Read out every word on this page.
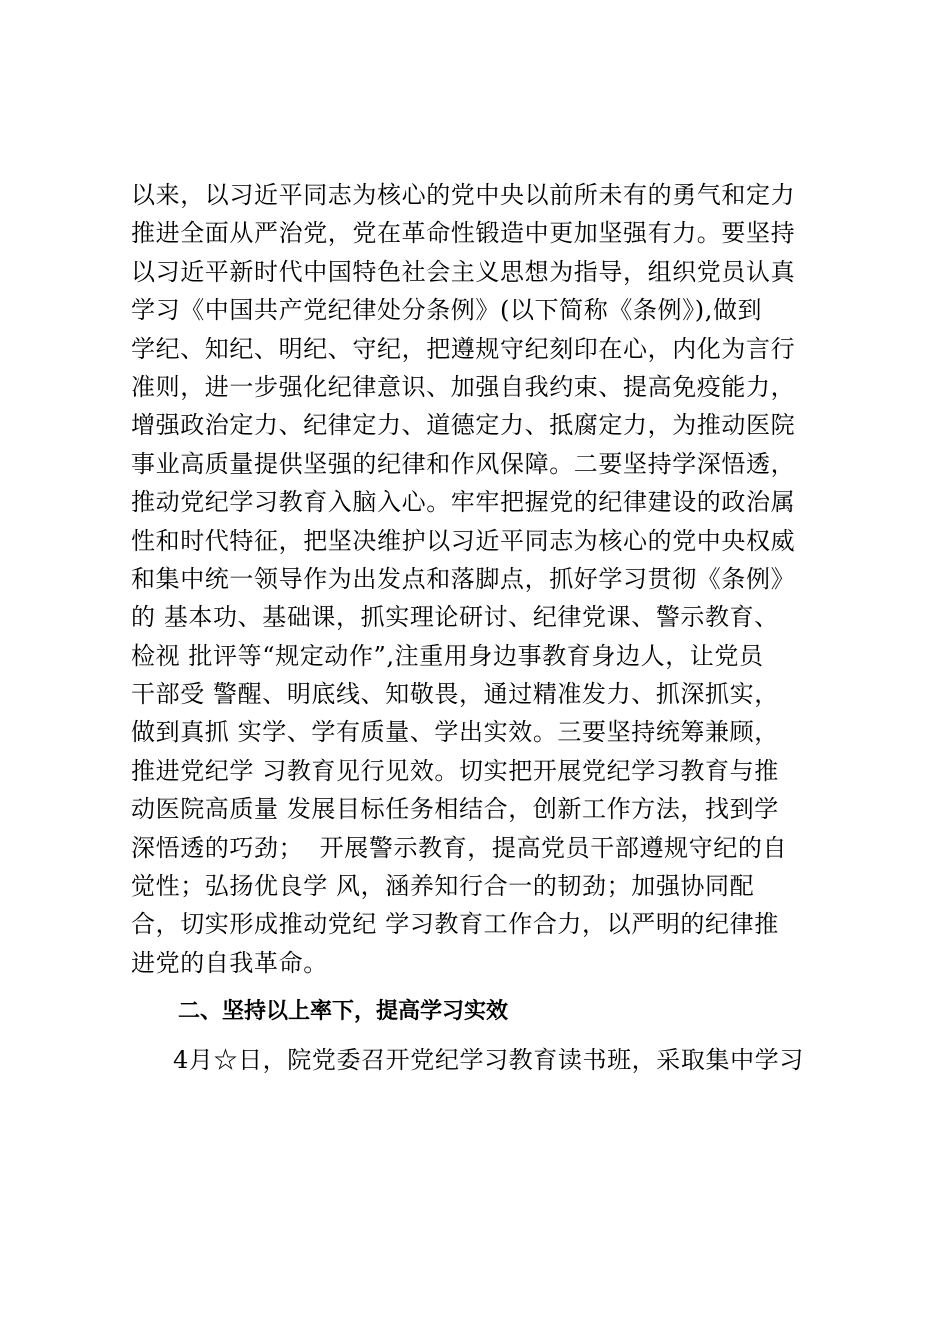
以来，以习近平同志为核心的党中央以前所未有的勇气和定力
推进全面从严治党，党在革命性锻造中更加坚强有力。要坚持
以习近平新时代中国特色社会主义思想为指导，组织党员认真
学习《中国共产党纪律处分条例》(以下简称《条例》),做到
学纪、知纪、明纪、守纪，把遵规守纪刻印在心，内化为言行
准则，进一步强化纪律意识、加强自我约束、提高免疫能力，
增强政治定力、纪律定力、道德定力、抵腐定力，为推动医院
事业高质量提供坚强的纪律和作风保障。二要坚持学深悟透，
推动党纪学习教育入脑入心。牢牢把握党的纪律建设的政治属
性和时代特征，把坚决维护以习近平同志为核心的党中央权威
和集中统一领导作为出发点和落脚点，抓好学习贯彻《条例》
的 基本功、基础课，抓实理论研讨、纪律党课、警示教育、
检视 批评等“规定动作”,注重用身边事教育身边人，让党员
干部受 警醒、明底线、知敬畏，通过精准发力、抓深抓实，
做到真抓 实学、学有质量、学出实效。三要坚持统筹兼顾，
推进党纪学 习教育见行见效。切实把开展党纪学习教育与推
动医院高质量 发展目标任务相结合，创新工作方法，找到学
深悟透的巧劲；  开展警示教育，提高党员干部遵规守纪的自
觉性；弘扬优良学 风，涵养知行合一的韧劲；加强协同配
合，切实形成推动党纪 学习教育工作合力，以严明的纪律推
进党的自我革命。
二、坚持以上率下，提高学习实效
4月☆日，院党委召开党纪学习教育读书班，采取集中学习
